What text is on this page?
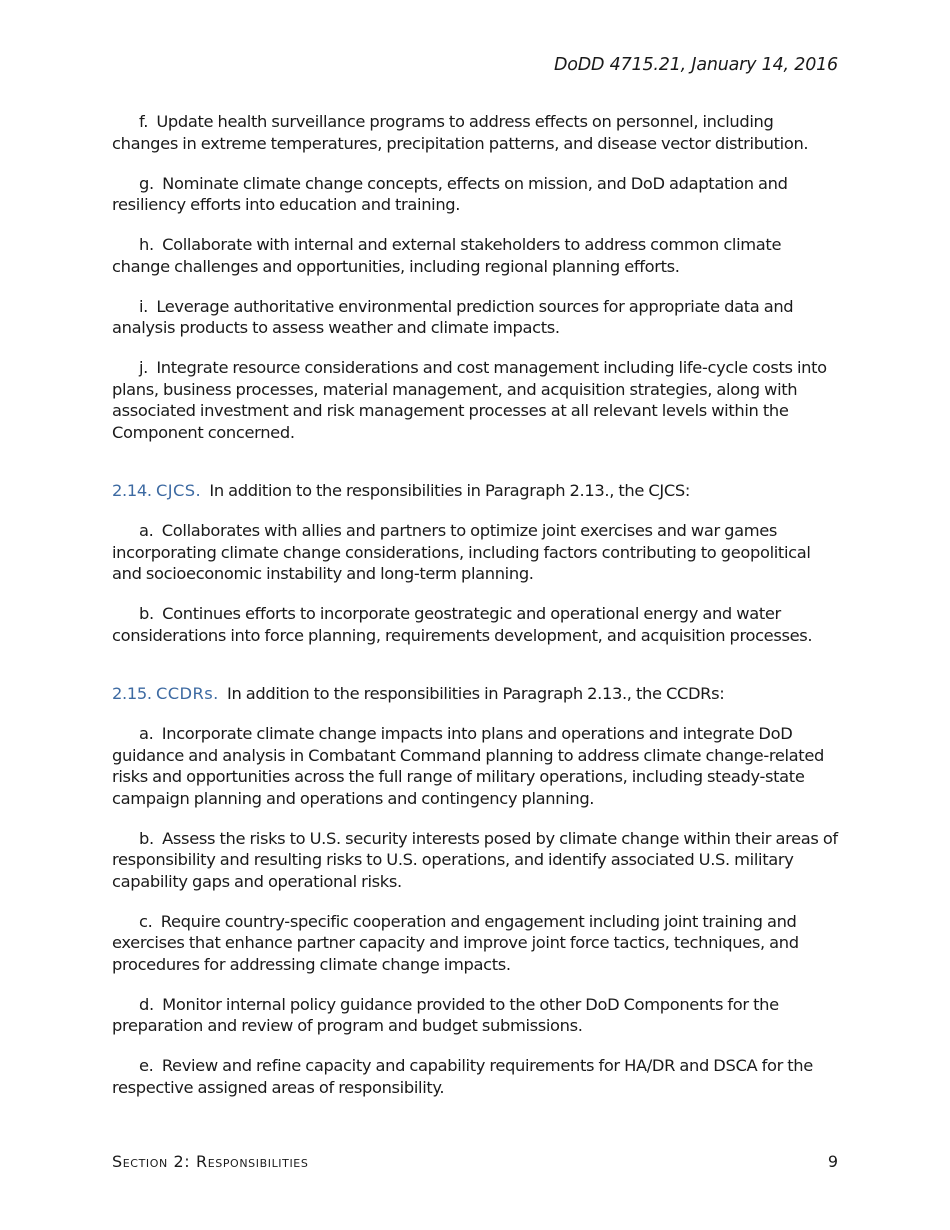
DoDD 4715.21, January 14, 2016

f. Update health surveillance programs to address effects on personnel, including changes in extreme temperatures, precipitation patterns, and disease vector distribution.

g. Nominate climate change concepts, effects on mission, and DoD adaptation and resiliency efforts into education and training.

h. Collaborate with internal and external stakeholders to address common climate change challenges and opportunities, including regional planning efforts.

i. Leverage authoritative environmental prediction sources for appropriate data and analysis products to assess weather and climate impacts.

j. Integrate resource considerations and cost management including life-cycle costs into plans, business processes, material management, and acquisition strategies, along with associated investment and risk management processes at all relevant levels within the Component concerned.

2.14. CJCS. In addition to the responsibilities in Paragraph 2.13., the CJCS:

a. Collaborates with allies and partners to optimize joint exercises and war games incorporating climate change considerations, including factors contributing to geopolitical and socioeconomic instability and long-term planning.

b. Continues efforts to incorporate geostrategic and operational energy and water considerations into force planning, requirements development, and acquisition processes.

2.15. CCDRs. In addition to the responsibilities in Paragraph 2.13., the CCDRs:

a. Incorporate climate change impacts into plans and operations and integrate DoD guidance and analysis in Combatant Command planning to address climate change-related risks and opportunities across the full range of military operations, including steady-state campaign planning and operations and contingency planning.

b. Assess the risks to U.S. security interests posed by climate change within their areas of responsibility and resulting risks to U.S. operations, and identify associated U.S. military capability gaps and operational risks.

c. Require country-specific cooperation and engagement including joint training and exercises that enhance partner capacity and improve joint force tactics, techniques, and procedures for addressing climate change impacts.

d. Monitor internal policy guidance provided to the other DoD Components for the preparation and review of program and budget submissions.

e. Review and refine capacity and capability requirements for HA/DR and DSCA for the respective assigned areas of responsibility.

Section 2: Responsibilities	9
